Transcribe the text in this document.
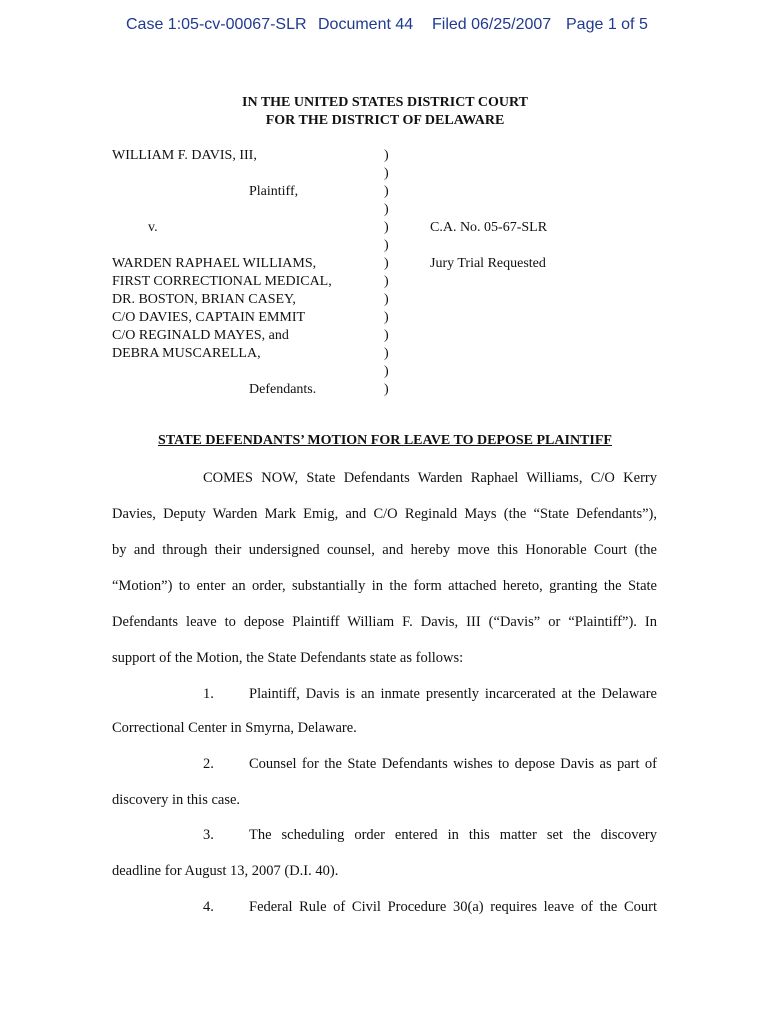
Case 1:05-cv-00067-SLR Document 44 Filed 06/25/2007 Page 1 of 5
IN THE UNITED STATES DISTRICT COURT
FOR THE DISTRICT OF DELAWARE
WILLIAM F. DAVIS, III,
Plaintiff,
v.
WARDEN RAPHAEL WILLIAMS,
FIRST CORRECTIONAL MEDICAL,
DR. BOSTON, BRIAN CASEY,
C/O DAVIES, CAPTAIN EMMIT
C/O REGINALD MAYES, and
DEBRA MUSCARELLA,
Defendants.
)
)
)
)
)
)
)
)
)
)
)
)
)
)
C.A. No. 05-67-SLR
Jury Trial Requested
STATE DEFENDANTS’ MOTION FOR LEAVE TO DEPOSE PLAINTIFF
COMES NOW, State Defendants Warden Raphael Williams, C/O Kerry
Davies, Deputy Warden Mark Emig, and C/O Reginald Mays (the “State Defendants”),
by and through their undersigned counsel, and hereby move this Honorable Court (the
“Motion”) to enter an order, substantially in the form attached hereto, granting the State
Defendants leave to depose Plaintiff William F. Davis, III (“Davis” or “Plaintiff”). In
support of the Motion, the State Defendants state as follows:
1. Plaintiff, Davis is an inmate presently incarcerated at the Delaware
Correctional Center in Smyrna, Delaware.
2. Counsel for the State Defendants wishes to depose Davis as part of
discovery in this case.
3. The scheduling order entered in this matter set the discovery
deadline for August 13, 2007 (D.I. 40).
4. Federal Rule of Civil Procedure 30(a) requires leave of the Court
